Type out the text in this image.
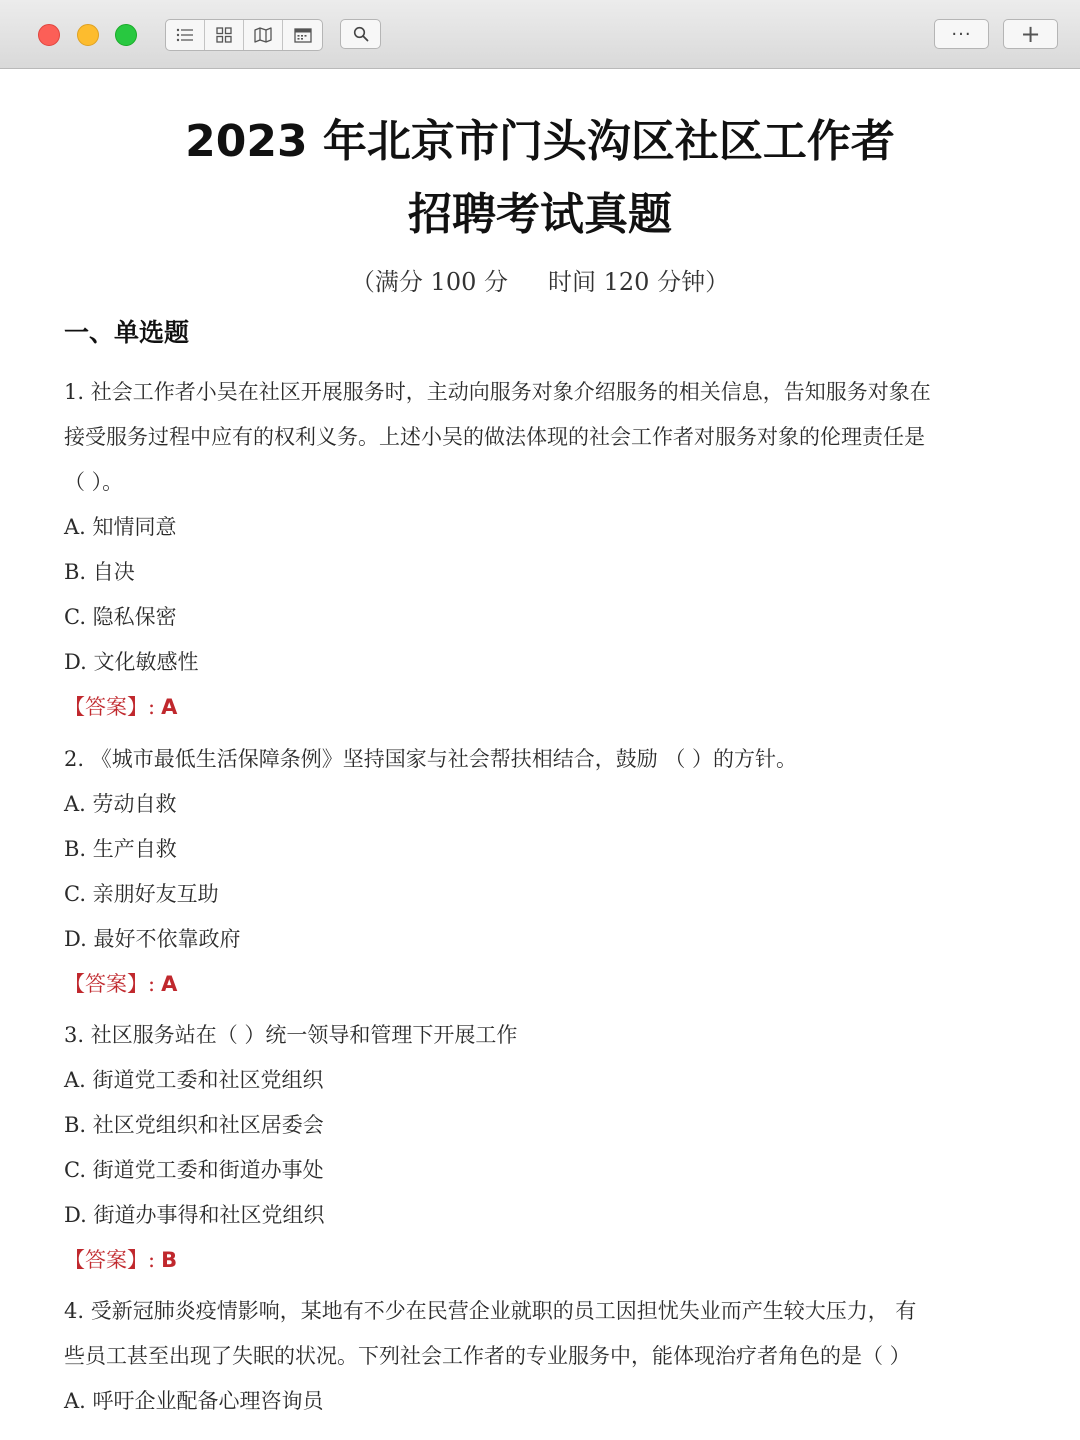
··· +
2023 年北京市门头沟区社区工作者
招聘考试真题
（满分 100 分 时间 120 分钟）
一、单选题
1. 社会工作者小吴在社区开展服务时，主动向服务对象介绍服务的相关信息，告知服务对象在
接受服务过程中应有的权利义务。上述小吴的做法体现的社会工作者对服务对象的伦理责任是
（ ）。
A. 知情同意
B. 自决
C. 隐私保密
D. 文化敏感性
【答案】: A
2. 《城市最低生活保障条例》坚持国家与社会帮扶相结合，鼓励 （ ）的方针。
A. 劳动自救
B. 生产自救
C. 亲朋好友互助
D. 最好不依靠政府
【答案】: A
3. 社区服务站在（ ）统一领导和管理下开展工作
A. 街道党工委和社区党组织
B. 社区党组织和社区居委会
C. 街道党工委和街道办事处
D. 街道办事得和社区党组织
【答案】: B
4. 受新冠肺炎疫情影响，某地有不少在民营企业就职的员工因担忧失业而产生较大压力， 有
些员工甚至出现了失眠的状况。下列社会工作者的专业服务中，能体现治疗者角色的是（ ）
A. 呼吁企业配备心理咨询员
